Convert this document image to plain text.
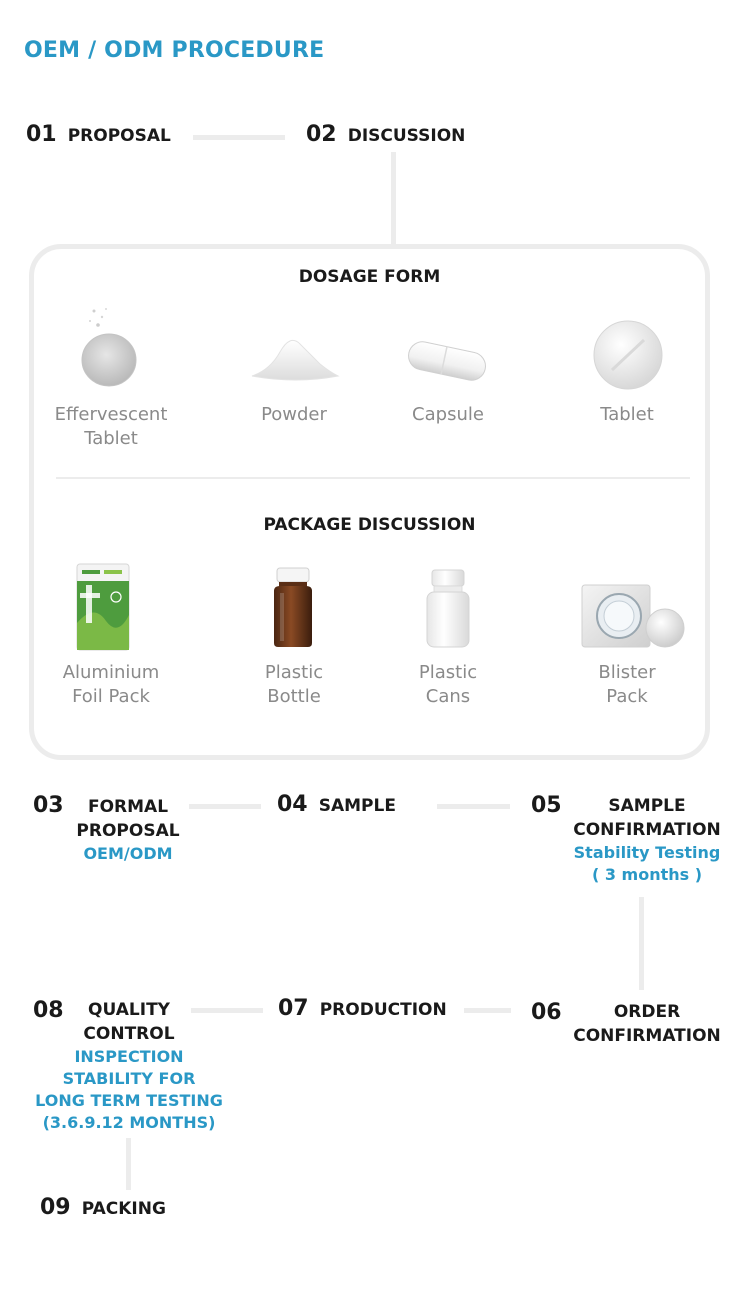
OEM / ODM PROCEDURE
01 PROPOSAL	02 DISCUSSION
DOSAGE FORM
Effervescent
Tablet
Powder	Capsule	Tablet
PACKAGE DISCUSSION
Aluminium
Foil Pack
Plastic
Bottle
Plastic
Cans
Blister
Pack
03	FORMAL
PROPOSAL
OEM/ODM
04 SAMPLE	05	SAMPLE
CONFIRMATION
Stability Testing
( 3 months )
08	QUALITY
CONTROL
INSPECTION
STABILITY FOR
LONG TERM TESTING
(3.6.9.12 MONTHS)
07 PRODUCTION	06	ORDER
CONFIRMATION
09 PACKING
